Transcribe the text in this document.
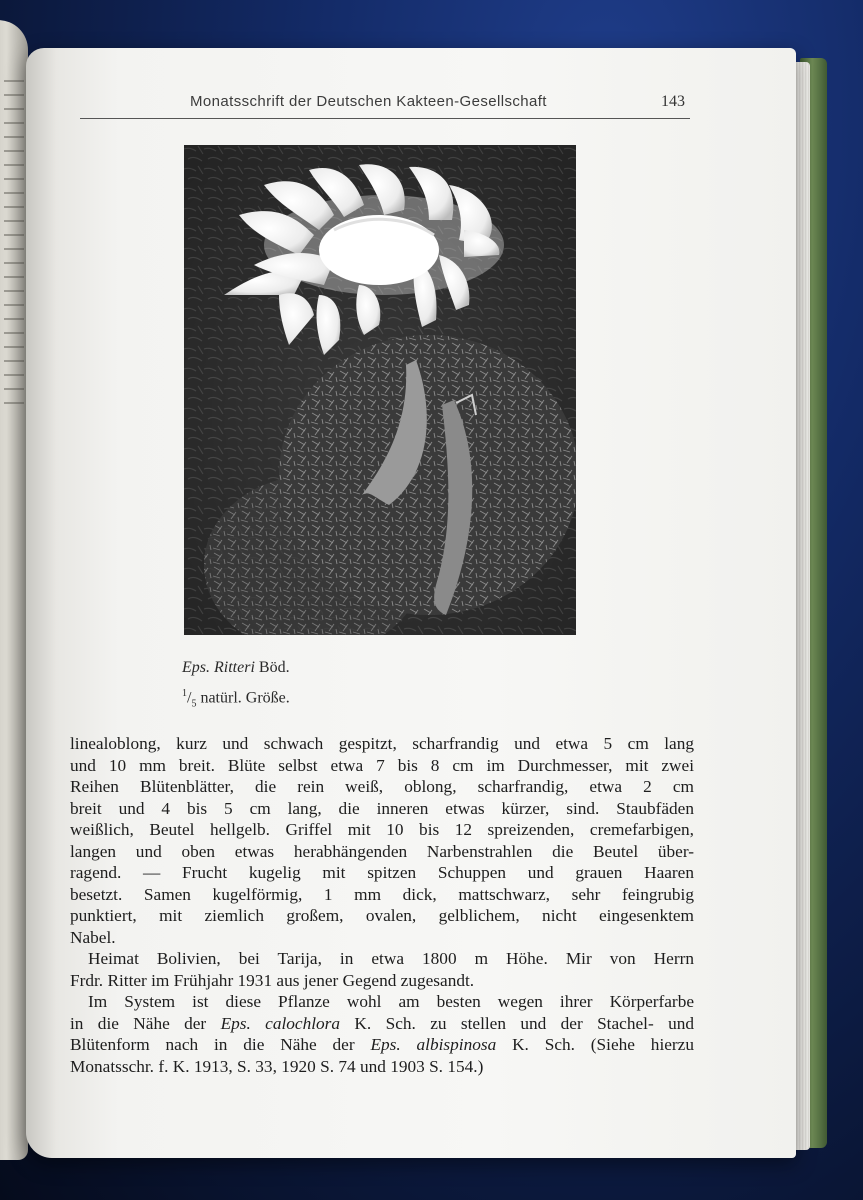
Monatsschrift der Deutschen Kakteen-Gesellschaft	143
Eps. Ritteri Böd.
$^1/_5$ natürl. Größe.

linealoblong, kurz und schwach gespitzt, scharfrandig und etwa 5 cm lang
und 10 mm breit. Blüte selbst etwa 7 bis 8 cm im Durchmesser, mit zwei
Reihen Blütenblätter, die rein weiß, oblong, scharfrandig, etwa 2 cm
breit und 4 bis 5 cm lang, die inneren etwas kürzer, sind. Staubfäden
weißlich, Beutel hellgelb. Griffel mit 10 bis 12 spreizenden, cremefarbigen,
langen und oben etwas herabhängenden Narbenstrahlen die Beutel über-
ragend. — Frucht kugelig mit spitzen Schuppen und grauen Haaren
besetzt. Samen kugelförmig, 1 mm dick, mattschwarz, sehr feingrubig
punktiert, mit ziemlich großem, ovalen, gelblichem, nicht eingesenktem
Nabel.

Heimat Bolivien, bei Tarija, in etwa 1800 m Höhe. Mir von Herrn
Frdr. Ritter im Frühjahr 1931 aus jener Gegend zugesandt.

Im System ist diese Pflanze wohl am besten wegen ihrer Körperfarbe
in die Nähe der Eps. calochlora K. Sch. zu stellen und der Stachel- und
Blütenform nach in die Nähe der Eps. albispinosa K. Sch. (Siehe hierzu
Monatsschr. f. K. 1913, S. 33, 1920 S. 74 und 1903 S. 154.)
